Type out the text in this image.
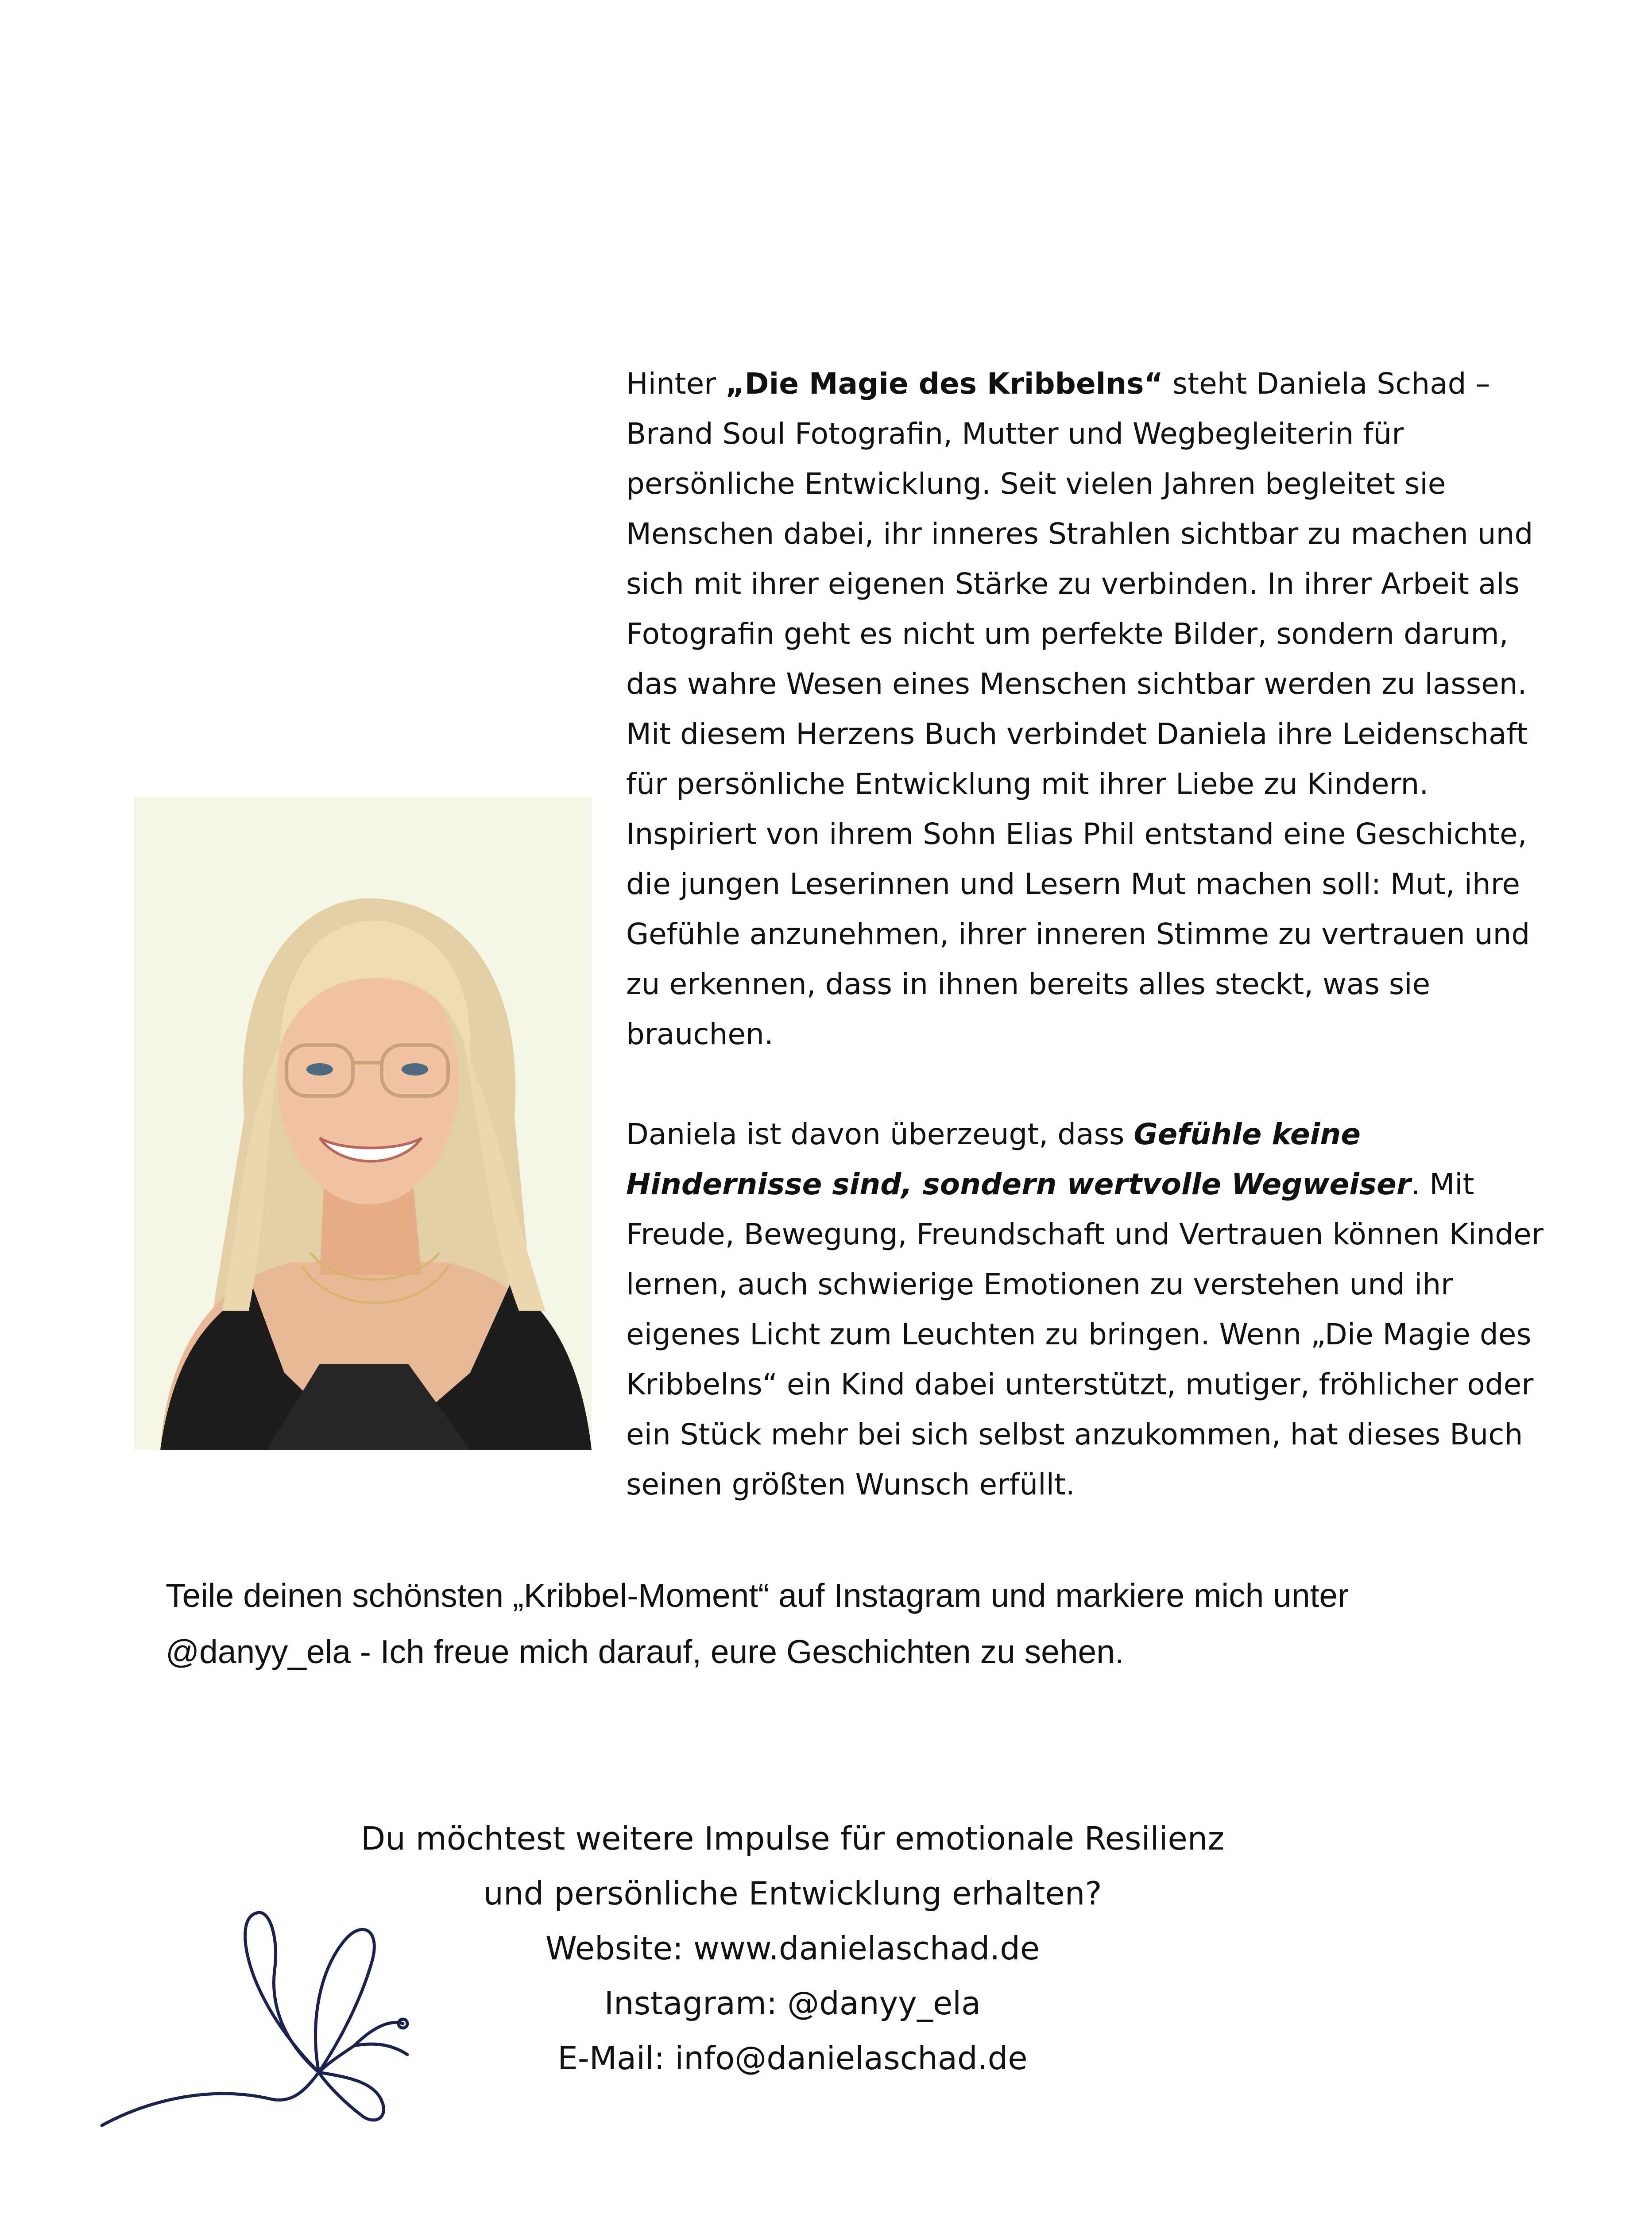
Hinter „Die Magie des Kribbelns“ steht Daniela Schad – Brand Soul Fotografin, Mutter und Wegbegleiterin für persönliche Entwicklung. Seit vielen Jahren begleitet sie Menschen dabei, ihr inneres Strahlen sichtbar zu machen und sich mit ihrer eigenen Stärke zu verbinden. In ihrer Arbeit als Fotografin geht es nicht um perfekte Bilder, sondern darum, das wahre Wesen eines Menschen sichtbar werden zu lassen. Mit diesem Herzens Buch verbindet Daniela ihre Leidenschaft für persönliche Entwicklung mit ihrer Liebe zu Kindern. Inspiriert von ihrem Sohn Elias Phil entstand eine Geschichte, die jungen Leserinnen und Lesern Mut machen soll: Mut, ihre Gefühle anzunehmen, ihrer inneren Stimme zu vertrauen und zu erkennen, dass in ihnen bereits alles steckt, was sie brauchen.

Daniela ist davon überzeugt, dass Gefühle keine Hindernisse sind, sondern wertvolle Wegweiser. Mit Freude, Bewegung, Freundschaft und Vertrauen können Kinder lernen, auch schwierige Emotionen zu verstehen und ihr eigenes Licht zum Leuchten zu bringen. Wenn „Die Magie des Kribbelns“ ein Kind dabei unterstützt, mutiger, fröhlicher oder ein Stück mehr bei sich selbst anzukommen, hat dieses Buch seinen größten Wunsch erfüllt.

Teile deinen schönsten „Kribbel-Moment“ auf Instagram und markiere mich unter @danyy_ela - Ich freue mich darauf, eure Geschichten zu sehen.

Du möchtest weitere Impulse für emotionale Resilienz
und persönliche Entwicklung erhalten?
Website: www.danielaschad.de
Instagram: @danyy_ela
E-Mail: info@danielaschad.de
